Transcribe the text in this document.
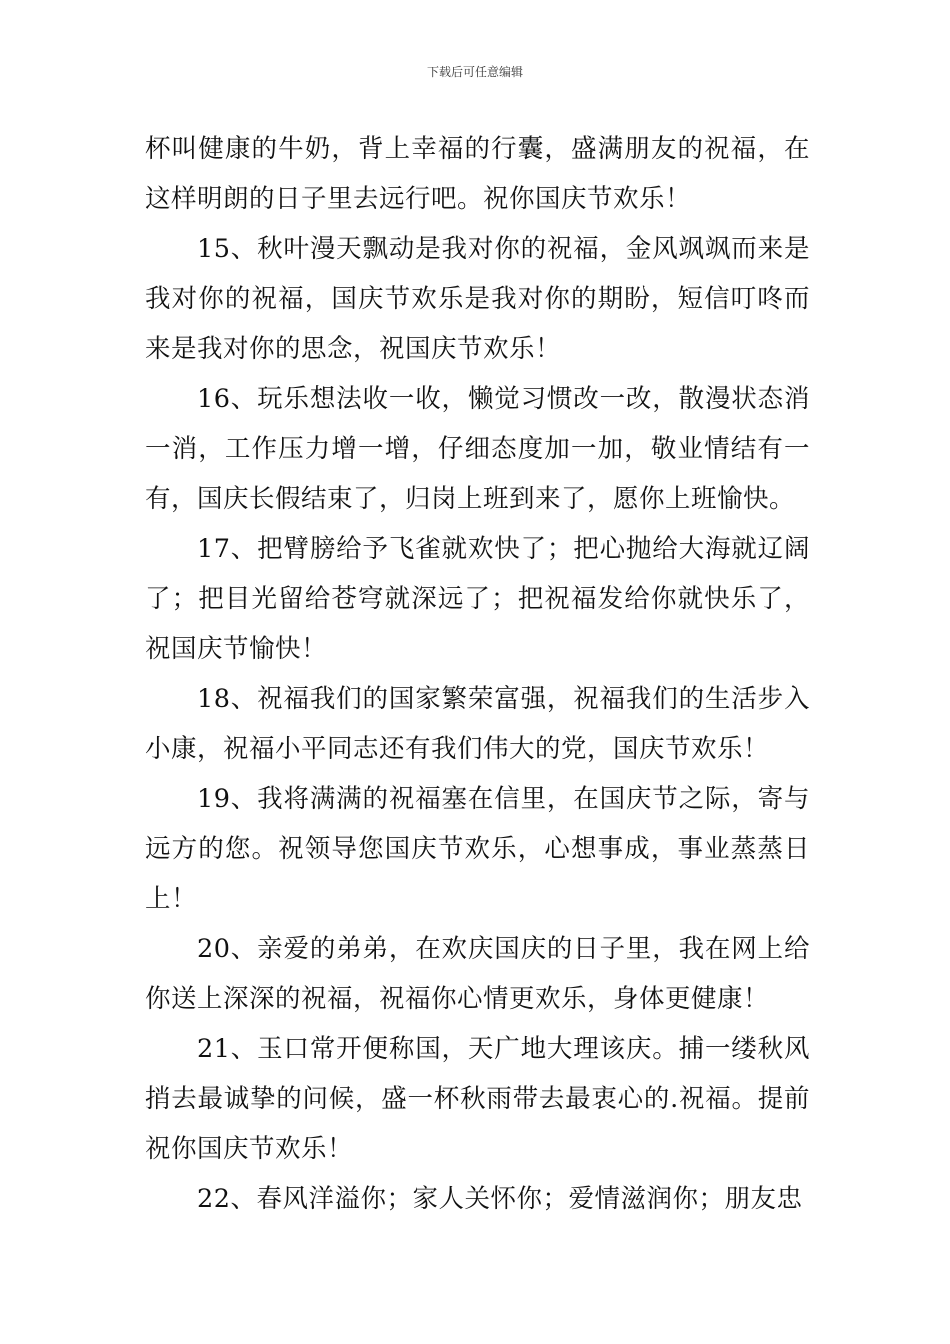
下载后可任意编辑

杯叫健康的牛奶，背上幸福的行囊，盛满朋友的祝福，在这样明朗的日子里去远行吧。祝你国庆节欢乐！

15、秋叶漫天飘动是我对你的祝福，金风飒飒而来是我对你的祝福，国庆节欢乐是我对你的期盼，短信叮咚而来是我对你的思念，祝国庆节欢乐！

16、玩乐想法收一收，懒觉习惯改一改，散漫状态消一消，工作压力增一增，仔细态度加一加，敬业情结有一有，国庆长假结束了，归岗上班到来了，愿你上班愉快。

17、把臂膀给予飞雀就欢快了；把心抛给大海就辽阔了；把目光留给苍穹就深远了；把祝福发给你就快乐了，祝国庆节愉快！

18、祝福我们的国家繁荣富强，祝福我们的生活步入小康，祝福小平同志还有我们伟大的党，国庆节欢乐！

19、我将满满的祝福塞在信里，在国庆节之际，寄与远方的您。祝领导您国庆节欢乐，心想事成，事业蒸蒸日上！

20、亲爱的弟弟，在欢庆国庆的日子里，我在网上给你送上深深的祝福，祝福你心情更欢乐，身体更健康！

21、玉口常开便称国，天广地大理该庆。捕一缕秋风捎去最诚挚的问候，盛一杯秋雨带去最衷心的.祝福。提前祝你国庆节欢乐！

22、春风洋溢你；家人关怀你；爱情滋润你；朋友忠
